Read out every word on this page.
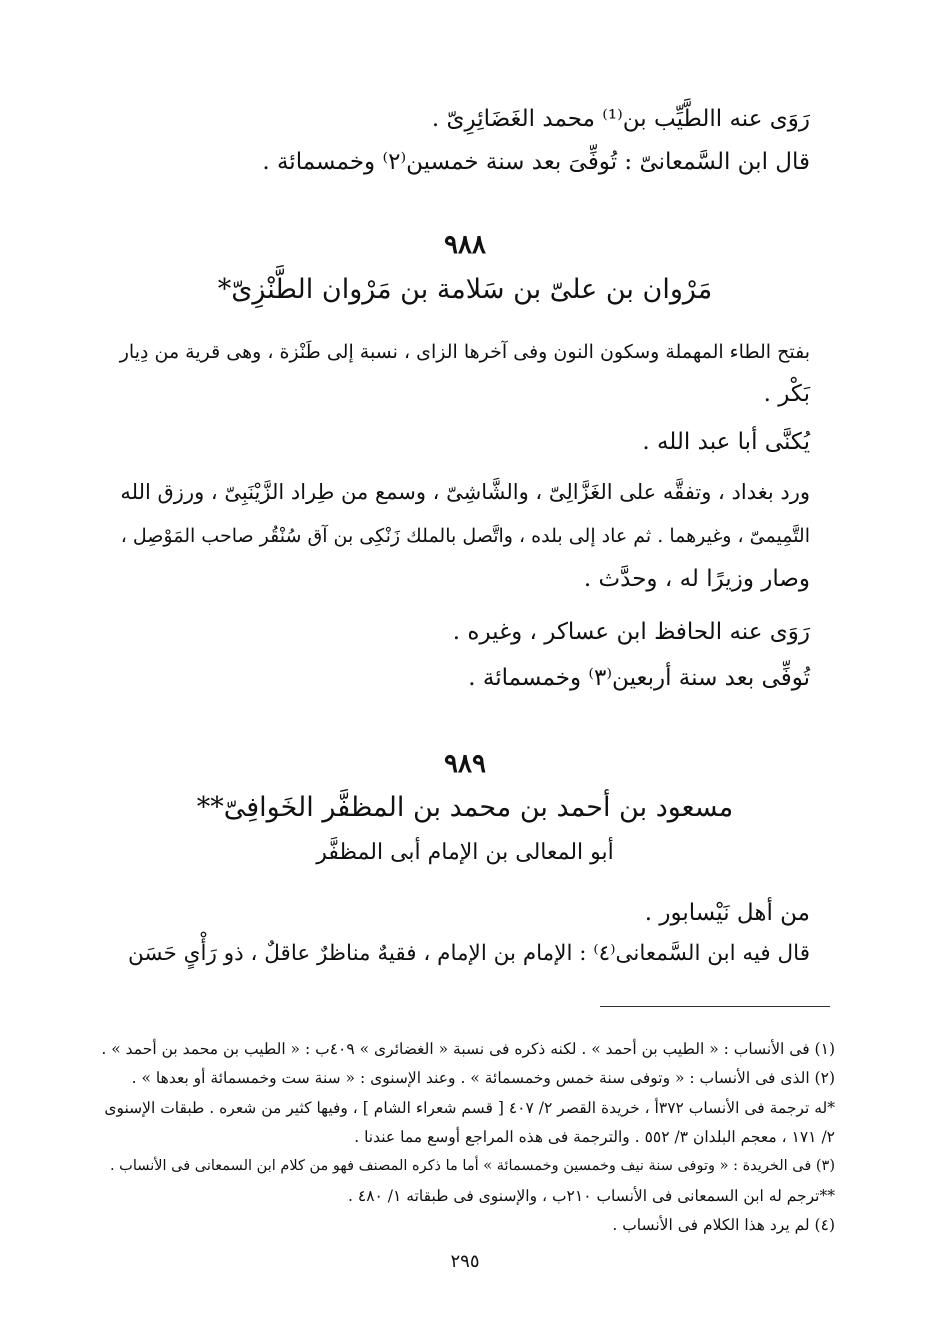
رَوَى عنه االطَّيِّب بن⁽¹⁾ محمد الغَضَائِرِىّ .
قال ابن السَّمعانىّ : تُوفِّىَ بعد سنة خمسين⁽٢⁾ وخمسمائة .
٩٨٨
مَرْوان بن علىّ بن سَلامة بن مَرْوان الطَّنْزِىّ*
بفتح الطاء المهملة وسكون النون وفى آخرها الزاى ، نسبة إلى طَنْزة ، وهى قرية من دِيار
بَكْر .
يُكنَّى أبا عبد الله .
ورد بغداد ، وتفقَّه على الغَزَّالِىّ ، والشَّاشِىّ ، وسمع من طِراد الزَّيْنَبِىّ ، ورزق الله
التَّمِيمىّ ، وغيرهما . ثم عاد إلى بلده ، واتَّصل بالملك زَنْكِى بن آق سُنْقُر صاحب المَوْصِل ،
وصار وزيرًا له ، وحدَّث .
رَوَى عنه الحافظ ابن عساكر ، وغيره .
تُوفِّى بعد سنة أربعين⁽٣⁾ وخمسمائة .
٩٨٩
مسعود بن أحمد بن محمد بن المظفَّر الخَوافِىّ**
أبو المعالى بن الإمام أبى المظفَّر
من أهل نَيْسابور .
قال فيه ابن السَّمعانى⁽٤⁾ : الإمام بن الإمام ، فقيهٌ مناظرٌ عاقلٌ ، ذو رَأْىٍ حَسَن
(١) فى الأنساب : « الطيب بن أحمد » . لكنه ذكره فى نسبة « الغضائرى » ٤٠٩ب : « الطيب بن محمد بن أحمد » .
(٢) الذى فى الأنساب : « وتوفى سنة خمس وخمسمائة » . وعند الإسنوى : « سنة ست وخمسمائة أو بعدها » .
*له ترجمة فى الأنساب ٣٧٢أ ، خريدة القصر ٢/ ٤٠٧ [ قسم شعراء الشام ] ، وفيها كثير من شعره . طبقات الإسنوى
٢/ ١٧١ ، معجم البلدان ٣/ ٥٥٢ . والترجمة فى هذه المراجع أوسع مما عندنا .
(٣) فى الخريدة : « وتوفى سنة نيف وخمسين وخمسمائة » أما ما ذكره المصنف فهو من كلام ابن السمعانى فى الأنساب .
**ترجم له ابن السمعانى فى الأنساب ٢١٠ب ، والإسنوى فى طبقاته ١/ ٤٨٠ .
(٤) لم يرد هذا الكلام فى الأنساب .
٢٩٥
